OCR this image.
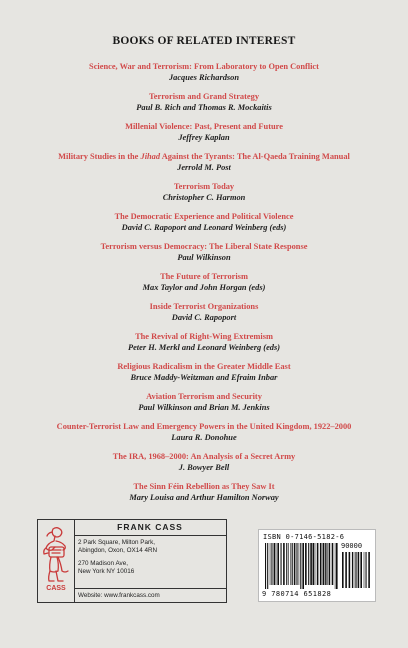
BOOKS OF RELATED INTEREST
Science, War and Terrorism: From Laboratory to Open Conflict
Jacques Richardson
Terrorism and Grand Strategy
Paul B. Rich and Thomas R. Mockaitis
Millenial Violence: Past, Present and Future
Jeffrey Kaplan
Military Studies in the Jihad Against the Tyrants: The Al-Qaeda Training Manual
Jerrold M. Post
Terrorism Today
Christopher C. Harmon
The Democratic Experience and Political Violence
David C. Rapoport and Leonard Weinberg (eds)
Terrorism versus Democracy: The Liberal State Response
Paul Wilkinson
The Future of Terrorism
Max Taylor and John Horgan (eds)
Inside Terrorist Organizations
David C. Rapoport
The Revival of Right-Wing Extremism
Peter H. Merkl and Leonard Weinberg (eds)
Religious Radicalism in the Greater Middle East
Bruce Maddy-Weitzman and Efraim Inbar
Aviation Terrorism and Security
Paul Wilkinson and Brian M. Jenkins
Counter-Terrorist Law and Emergency Powers in the United Kingdom, 1922–2000
Laura R. Donohue
The IRA, 1968–2000: An Analysis of a Secret Army
J. Bowyer Bell
The Sinn Féin Rebellion as They Saw It
Mary Louisa and Arthur Hamilton Norway
CASS
FRANK CASS
2 Park Square, Milton Park,
Abingdon, Oxon, OX14 4RN
270 Madison Ave,
New York NY 10016
Website: www.frankcass.com
ISBN 0-7146-5182-6
9 780714 651828
90000
